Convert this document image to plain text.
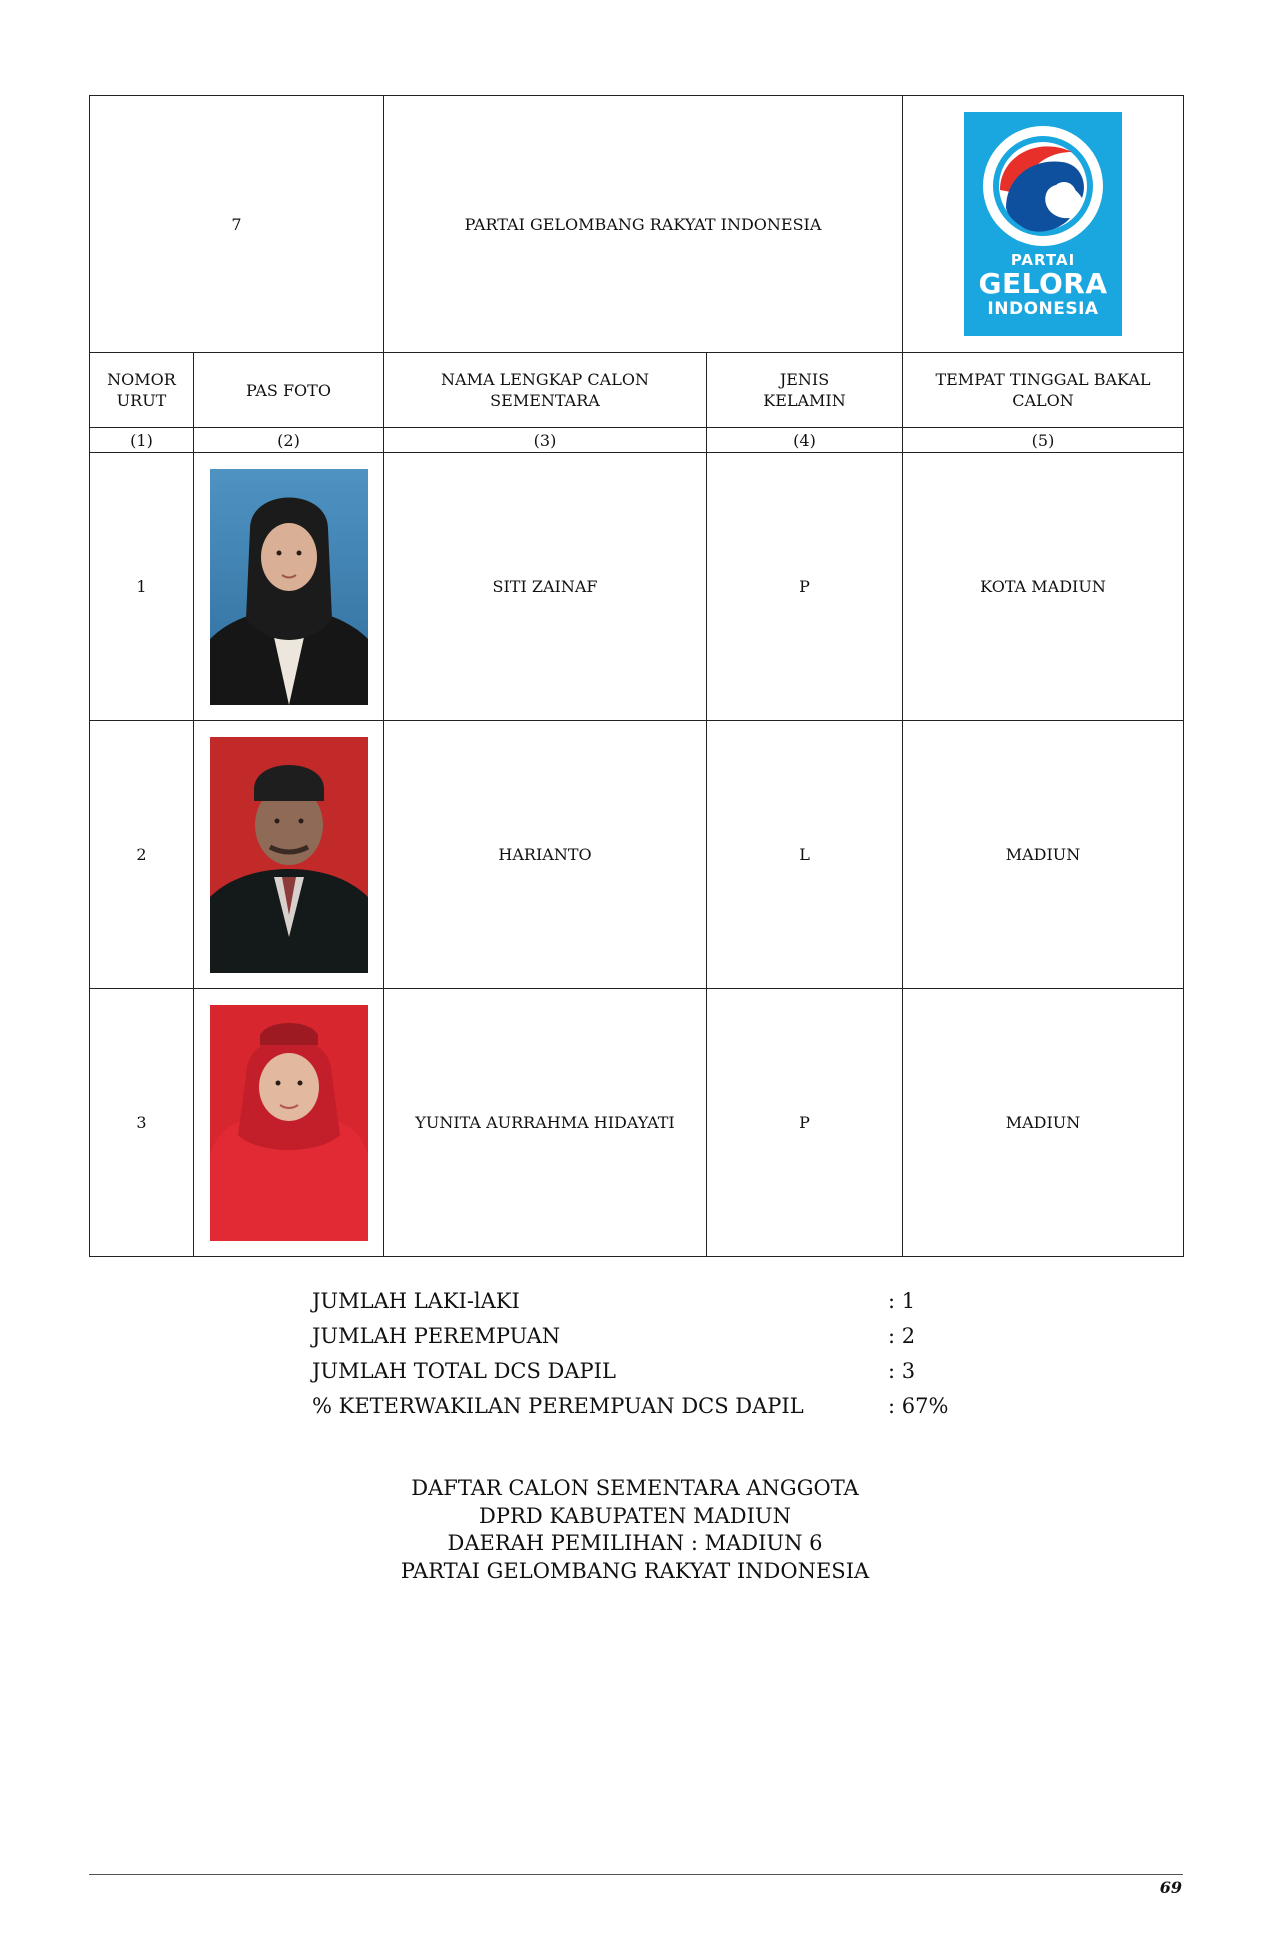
7		PARTAI GELOMBANG RAKYAT INDONESIA		PARTAI
GELORA
INDONESIA

NOMOR URUT	PAS FOTO	NAMA LENGKAP CALON SEMENTARA	JENIS KELAMIN	TEMPAT TINGGAL BAKAL CALON
(1)	(2)	(3)	(4)	(5)
1		SITI ZAINAF	P	KOTA MADIUN
2		HARIANTO	L	MADIUN
3		YUNITA AURRAHMA HIDAYATI	P	MADIUN
JUMLAH LAKI-lAKI	: 1
JUMLAH PEREMPUAN	: 2
JUMLAH TOTAL DCS DAPIL	: 3
% KETERWAKILAN PEREMPUAN DCS DAPIL	: 67%
DAFTAR CALON SEMENTARA ANGGOTA
DPRD KABUPATEN MADIUN
DAERAH PEMILIHAN : MADIUN 6
PARTAI GELOMBANG RAKYAT INDONESIA
69
